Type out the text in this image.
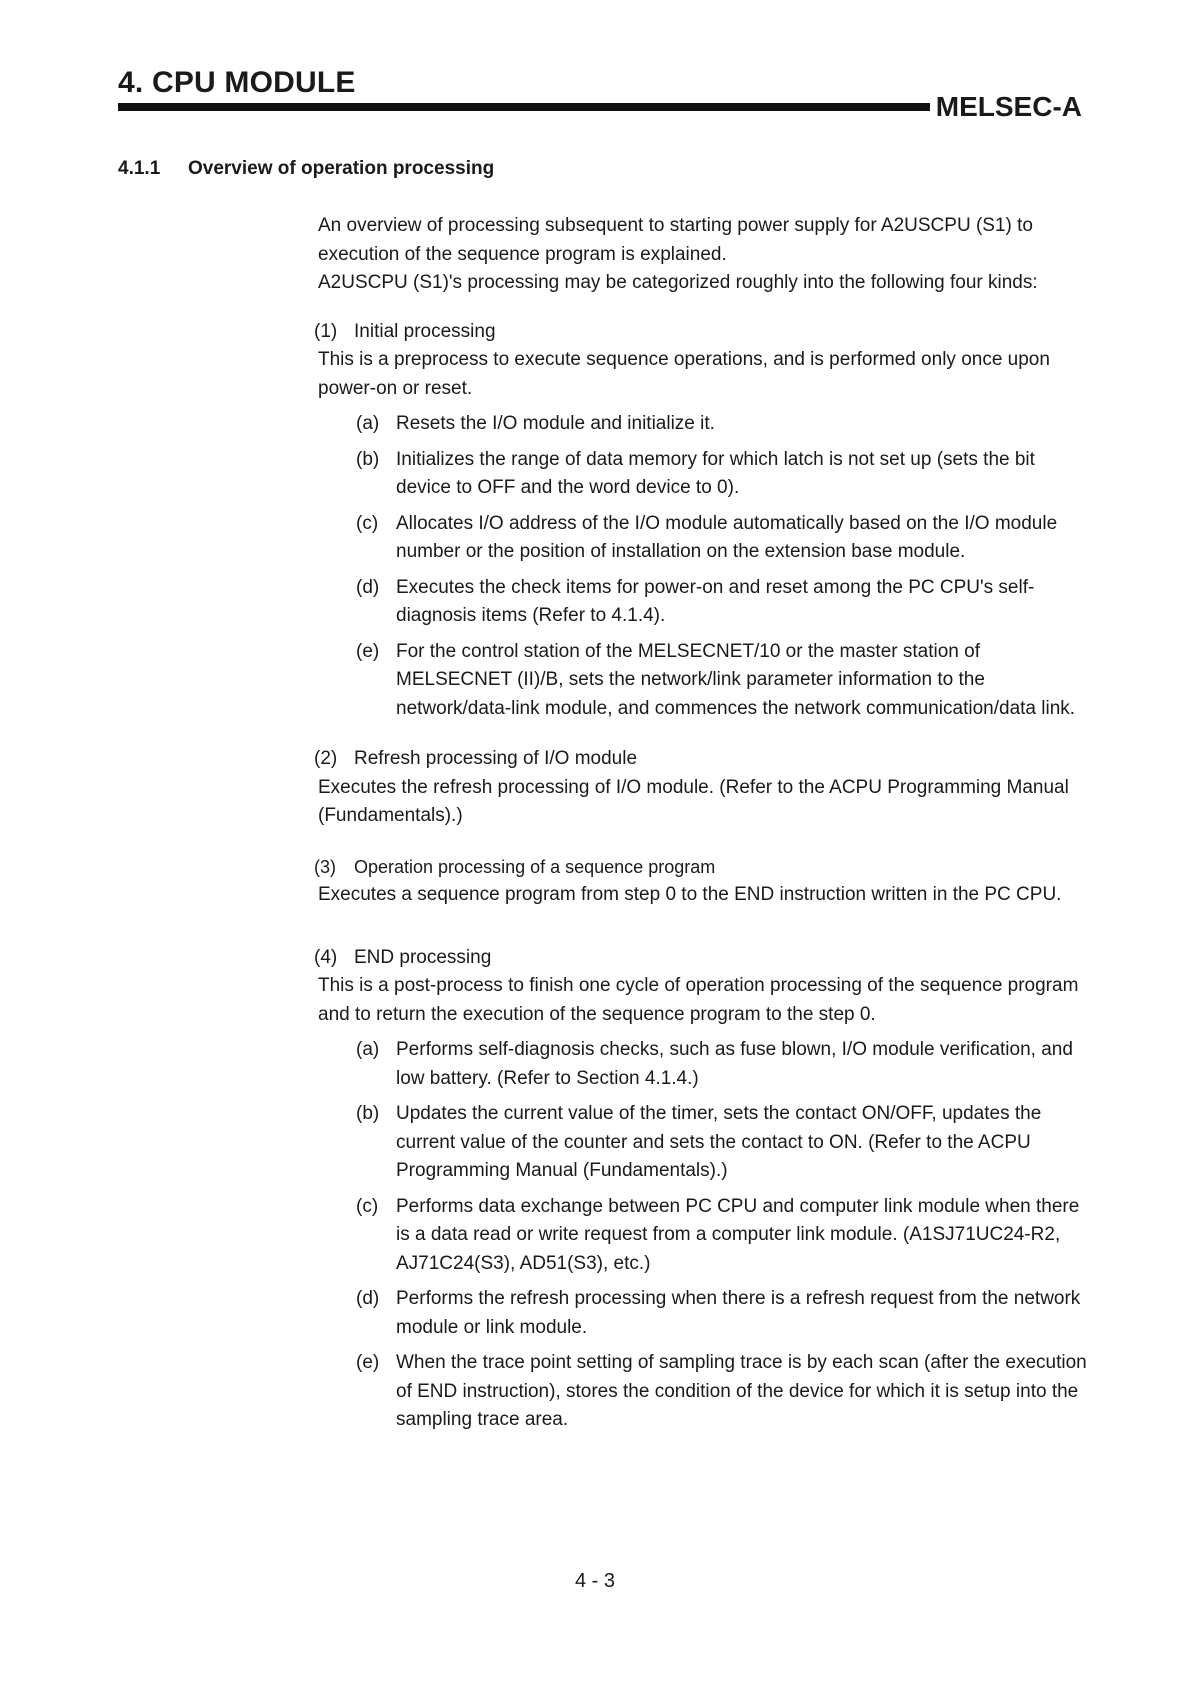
4. CPU MODULE
MELSEC-A
4.1.1 Overview of operation processing

An overview of processing subsequent to starting power supply for A2USCPU (S1) to execution of the sequence program is explained.

A2USCPU (S1)'s processing may be categorized roughly into the following four kinds:

(1) Initial processing

This is a preprocess to execute sequence operations, and is performed only once upon power-on or reset.

(a) Resets the I/O module and initialize it.
(b) Initializes the range of data memory for which latch is not set up (sets the bit device to OFF and the word device to 0).
(c) Allocates I/O address of the I/O module automatically based on the I/O module number or the position of installation on the extension base module.
(d) Executes the check items for power-on and reset among the PC CPU's self-diagnosis items (Refer to 4.1.4).
(e) For the control station of the MELSECNET/10 or the master station of MELSECNET (II)/B, sets the network/link parameter information to the network/data-link module, and commences the network communication/data link.
(2) Refresh processing of I/O module

Executes the refresh processing of I/O module. (Refer to the ACPU Programming Manual (Fundamentals).)

(3) Operation processing of a sequence program

Executes a sequence program from step 0 to the END instruction written in the PC CPU.

(4) END processing

This is a post-process to finish one cycle of operation processing of the sequence program and to return the execution of the sequence program to the step 0.

(a) Performs self-diagnosis checks, such as fuse blown, I/O module verification, and low battery. (Refer to Section 4.1.4.)
(b) Updates the current value of the timer, sets the contact ON/OFF, updates the current value of the counter and sets the contact to ON. (Refer to the ACPU Programming Manual (Fundamentals).)
(c) Performs data exchange between PC CPU and computer link module when there is a data read or write request from a computer link module. (A1SJ71UC24-R2, AJ71C24(S3), AD51(S3), etc.)
(d) Performs the refresh processing when there is a refresh request from the network module or link module.
(e) When the trace point setting of sampling trace is by each scan (after the execution of END instruction), stores the condition of the device for which it is setup into the sampling trace area.
4 - 3
